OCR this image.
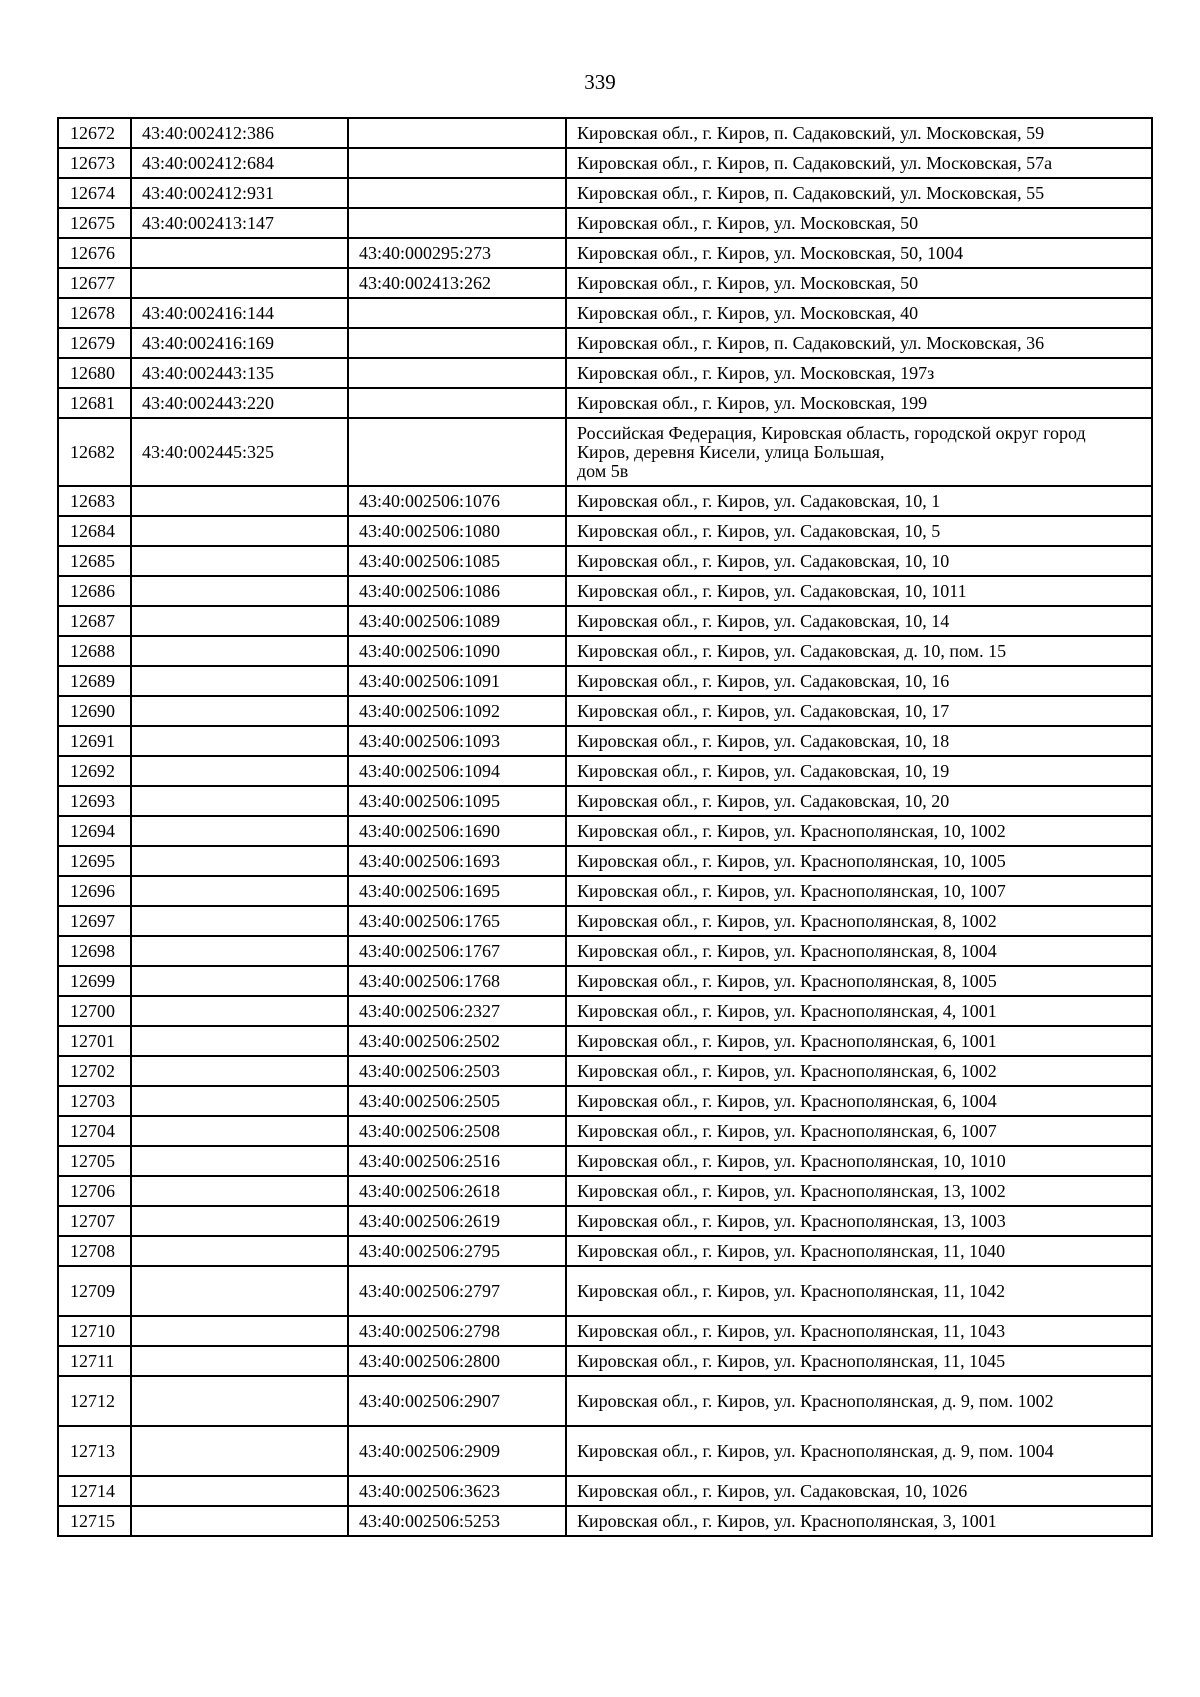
339
12672	43:40:002412:386		Кировская обл., г. Киров, п. Садаковский, ул. Московская, 59
12673	43:40:002412:684		Кировская обл., г. Киров, п. Садаковский, ул. Московская, 57а
12674	43:40:002412:931		Кировская обл., г. Киров, п. Садаковский, ул. Московская, 55
12675	43:40:002413:147		Кировская обл., г. Киров, ул. Московская, 50
12676		43:40:000295:273	Кировская обл., г. Киров, ул. Московская, 50, 1004
12677		43:40:002413:262	Кировская обл., г. Киров, ул. Московская, 50
12678	43:40:002416:144		Кировская обл., г. Киров, ул. Московская, 40
12679	43:40:002416:169		Кировская обл., г. Киров, п. Садаковский, ул. Московская, 36
12680	43:40:002443:135		Кировская обл., г. Киров, ул. Московская, 197з
12681	43:40:002443:220		Кировская обл., г. Киров, ул. Московская, 199
12682	43:40:002445:325		Российская Федерация, Кировская область, городской округ город
Киров, деревня Кисели, улица Большая,
дом 5в

12683		43:40:002506:1076	Кировская обл., г. Киров, ул. Садаковская, 10, 1
12684		43:40:002506:1080	Кировская обл., г. Киров, ул. Садаковская, 10, 5
12685		43:40:002506:1085	Кировская обл., г. Киров, ул. Садаковская, 10, 10
12686		43:40:002506:1086	Кировская обл., г. Киров, ул. Садаковская, 10, 1011
12687		43:40:002506:1089	Кировская обл., г. Киров, ул. Садаковская, 10, 14
12688		43:40:002506:1090	Кировская обл., г. Киров, ул. Садаковская, д. 10, пом. 15
12689		43:40:002506:1091	Кировская обл., г. Киров, ул. Садаковская, 10, 16
12690		43:40:002506:1092	Кировская обл., г. Киров, ул. Садаковская, 10, 17
12691		43:40:002506:1093	Кировская обл., г. Киров, ул. Садаковская, 10, 18
12692		43:40:002506:1094	Кировская обл., г. Киров, ул. Садаковская, 10, 19
12693		43:40:002506:1095	Кировская обл., г. Киров, ул. Садаковская, 10, 20
12694		43:40:002506:1690	Кировская обл., г. Киров, ул. Краснополянская, 10, 1002
12695		43:40:002506:1693	Кировская обл., г. Киров, ул. Краснополянская, 10, 1005
12696		43:40:002506:1695	Кировская обл., г. Киров, ул. Краснополянская, 10, 1007
12697		43:40:002506:1765	Кировская обл., г. Киров, ул. Краснополянская, 8, 1002
12698		43:40:002506:1767	Кировская обл., г. Киров, ул. Краснополянская, 8, 1004
12699		43:40:002506:1768	Кировская обл., г. Киров, ул. Краснополянская, 8, 1005
12700		43:40:002506:2327	Кировская обл., г. Киров, ул. Краснополянская, 4, 1001
12701		43:40:002506:2502	Кировская обл., г. Киров, ул. Краснополянская, 6, 1001
12702		43:40:002506:2503	Кировская обл., г. Киров, ул. Краснополянская, 6, 1002
12703		43:40:002506:2505	Кировская обл., г. Киров, ул. Краснополянская, 6, 1004
12704		43:40:002506:2508	Кировская обл., г. Киров, ул. Краснополянская, 6, 1007
12705		43:40:002506:2516	Кировская обл., г. Киров, ул. Краснополянская, 10, 1010
12706		43:40:002506:2618	Кировская обл., г. Киров, ул. Краснополянская, 13, 1002
12707		43:40:002506:2619	Кировская обл., г. Киров, ул. Краснополянская, 13, 1003
12708		43:40:002506:2795	Кировская обл., г. Киров, ул. Краснополянская, 11, 1040
12709		43:40:002506:2797	Кировская обл., г. Киров, ул. Краснополянская, 11, 1042
12710		43:40:002506:2798	Кировская обл., г. Киров, ул. Краснополянская, 11, 1043
12711		43:40:002506:2800	Кировская обл., г. Киров, ул. Краснополянская, 11, 1045
12712		43:40:002506:2907	Кировская обл., г. Киров, ул. Краснополянская, д. 9, пом. 1002
12713		43:40:002506:2909	Кировская обл., г. Киров, ул. Краснополянская, д. 9, пом. 1004
12714		43:40:002506:3623	Кировская обл., г. Киров, ул. Садаковская, 10, 1026
12715		43:40:002506:5253	Кировская обл., г. Киров, ул. Краснополянская, 3, 1001
